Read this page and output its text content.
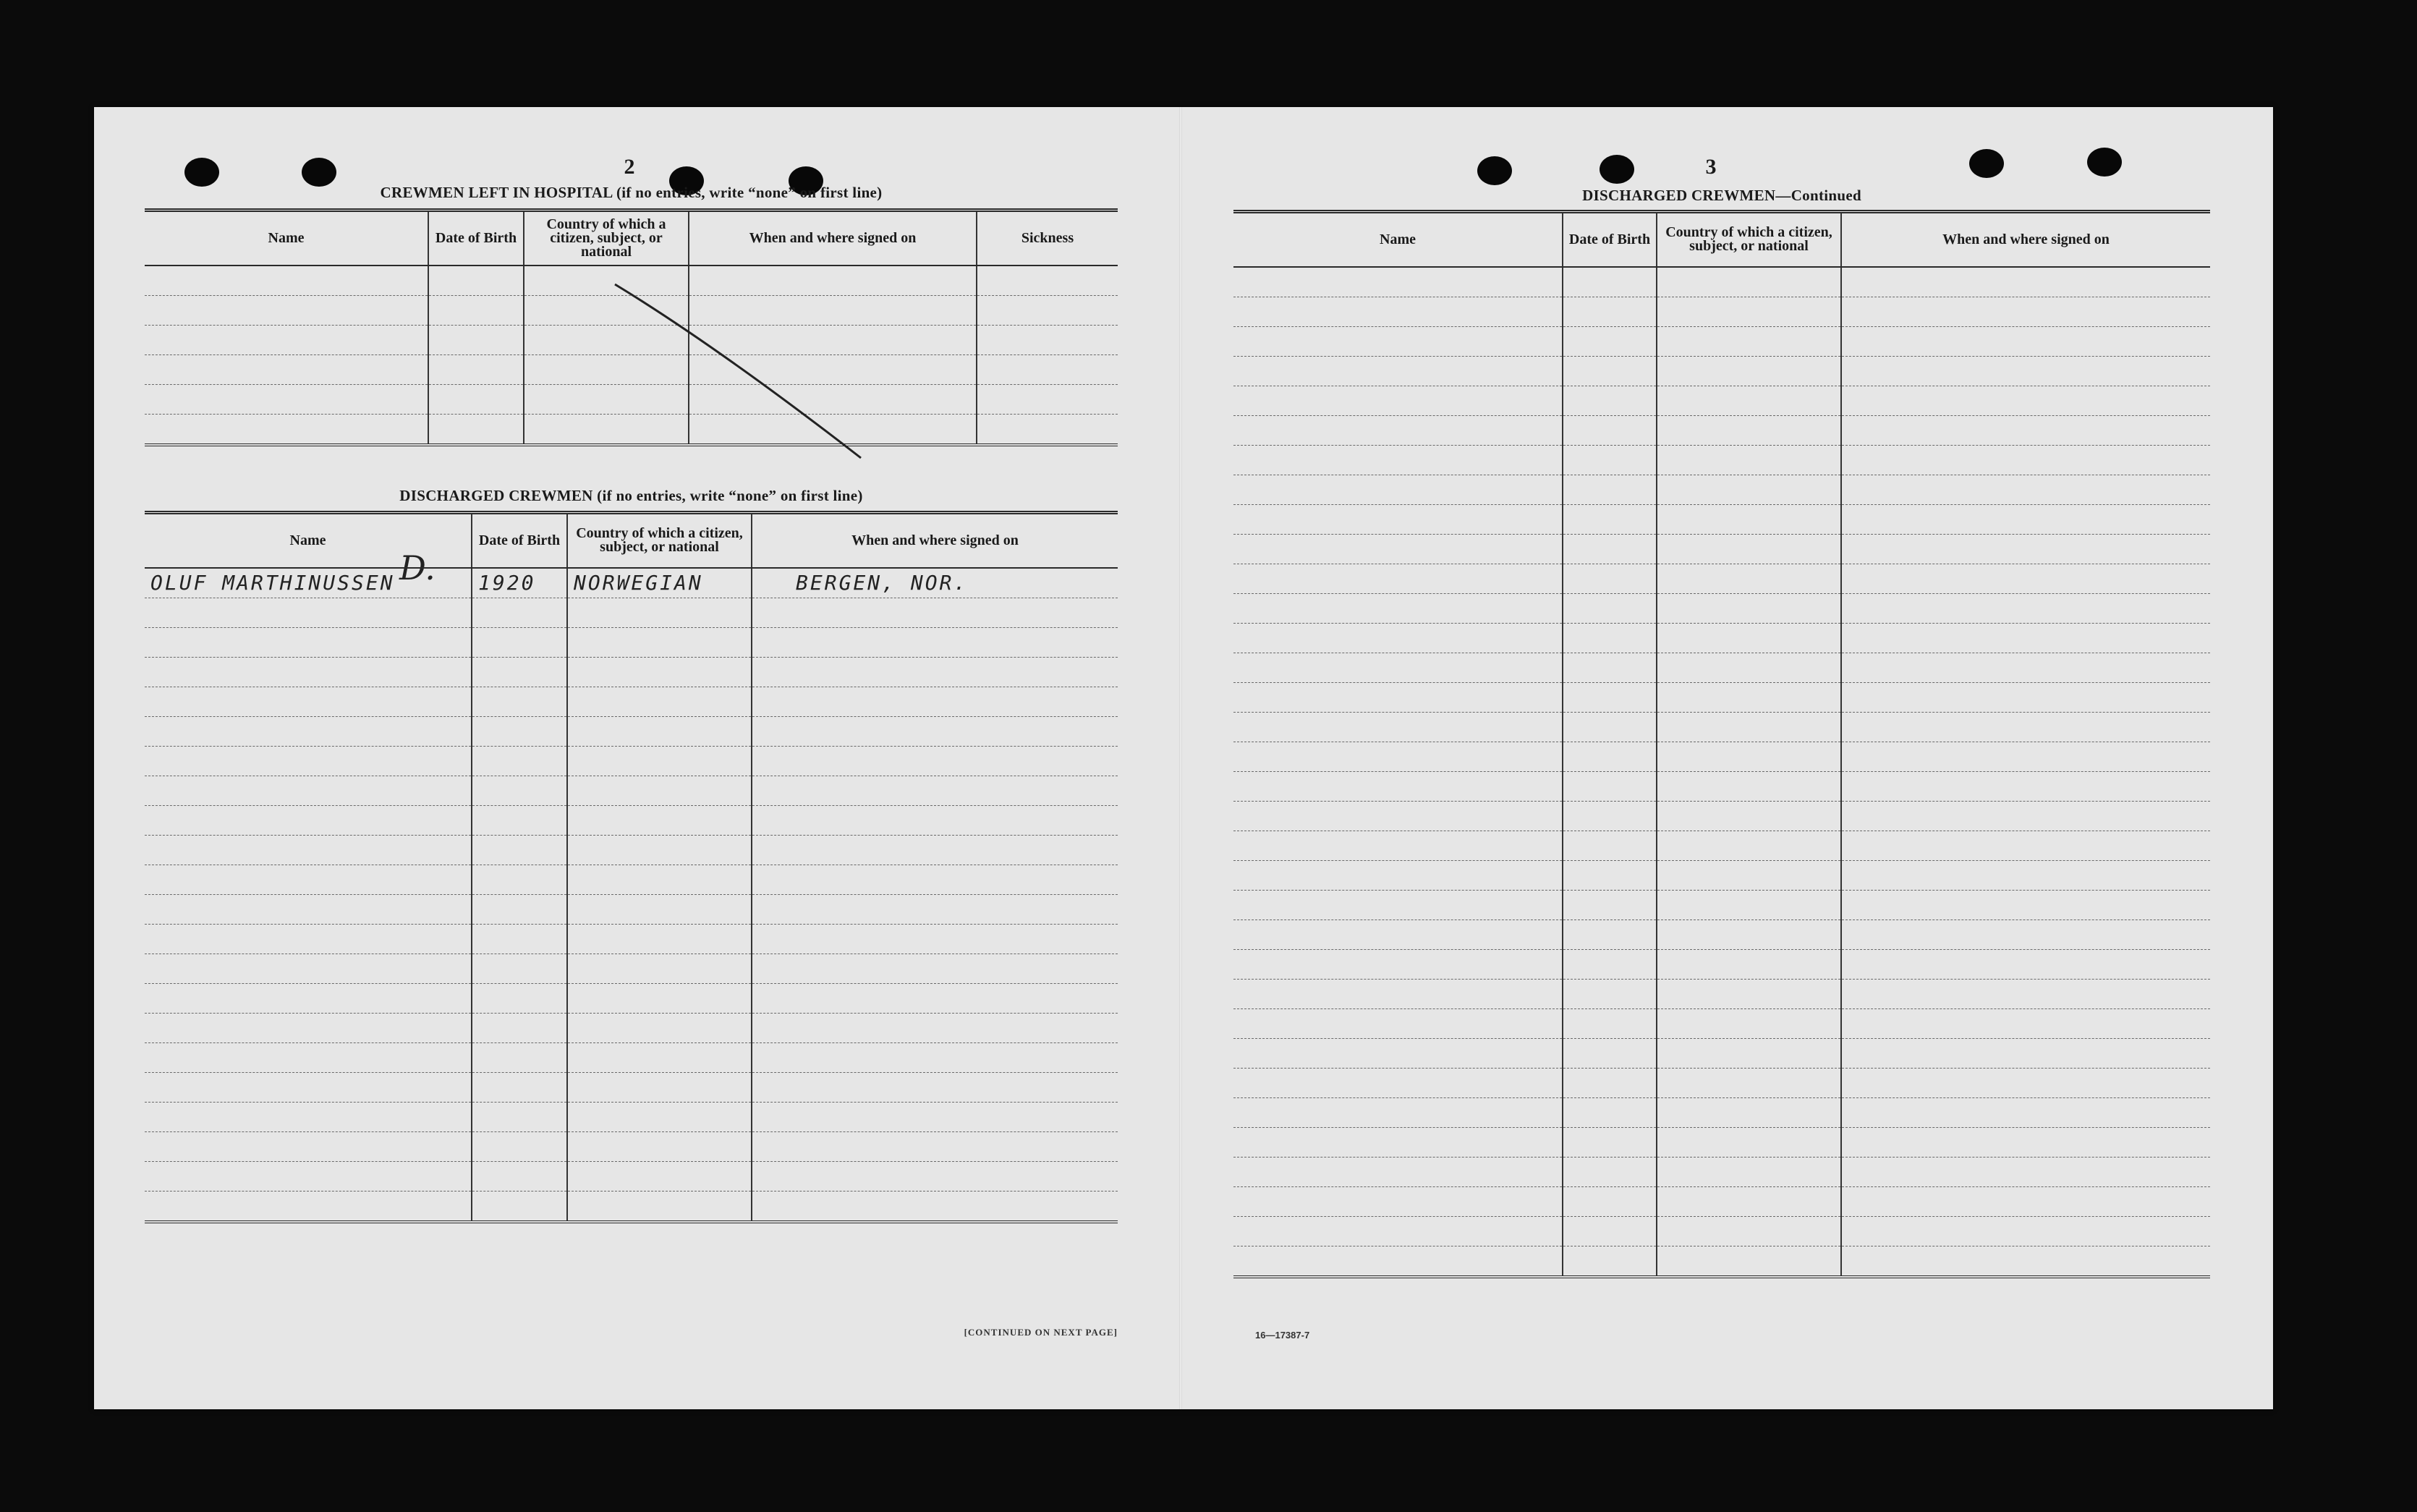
2
CREWMEN LEFT IN HOSPITAL (if no entries, write “none” on first line)
Name	Date of Birth	Country of which a citizen, subject, or national	When and where signed on	Sickness

DISCHARGED CREWMEN (if no entries, write “none” on first line)
D.
Name	Date of Birth	Country of which a citizen, subject, or national	When and where signed on
OLUF MARTHINUSSEN	1920	NORWEGIAN	BERGEN, NOR.

[CONTINUED ON NEXT PAGE]
3
DISCHARGED CREWMEN—Continued
Name	Date of Birth	Country of which a citizen, subject, or national	When and where signed on

16—17387-7
